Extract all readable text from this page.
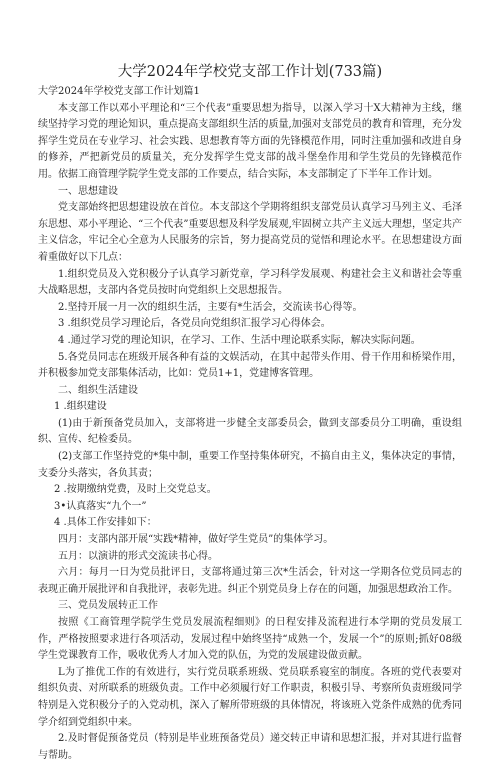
大学2024年学校党支部工作计划(733篇)

大学2024年学校党支部工作计划篇1

本支部工作以邓小平理论和“三个代表”重要思想为指导，以深入学习十X大精神为主线，继续坚持学习党的理论知识，重点提高支部组织生活的质量,加强对支部党员的教育和管理，充分发挥学生党员在专业学习、社会实践、思想教育等方面的先锋模范作用，同时注重加强和改进自身的修养，严把新党员的质量关，充分发挥学生党支部的战斗堡垒作用和学生党员的先锋模范作用。依据工商管理学院学生党支部的工作要点，结合实际，本支部制定了下半年工作计划。

一、思想建设

党支部始终把思想建设放在首位。本支部这个学期将组织支部党员认真学习马列主义、毛泽东思想、邓小平理论、“三个代表”重要思想及科学发展观,牢固树立共产主义远大理想，坚定共产主义信念，牢记全心全意为人民服务的宗旨，努力提高党员的觉悟和理论水平。在思想建设方面着重做好以下几点：

1.组织党员及入党积极分子认真学习新党章，学习科学发展观、构建社会主义和谐社会等重大战略思想，支部内各党员按时向党组织上交思想报告。

2.坚持开展一月一次的组织生活，主要有*生活会，交流读书心得等。

3 .组织党员学习理论后，各党员向党组织汇报学习心得体会。

4 .通过学习党的理论知识，在学习、工作、生活中理论联系实际，解决实际问题。

5.各党员同志在班级开展各种有益的文娱活动，在其中起带头作用、骨干作用和桥梁作用，并积极参加党支部集体活动，比如：党员1+1，党建博客管理。

二、组织生活建设

1 .组织建设

(1)由于新预备党员加入，支部将进一步健全支部委员会，做到支部委员分工明确，重设组织、宣传、纪检委员。

(2)支部工作坚持党的*集中制，重要工作坚持集体研究，不搞自由主义，集体决定的事情，支委分头落实，各负其责；

2 .按期缴纳党费，及时上交党总支。

3•认真落实“九个一”

4 .具体工作安排如下：

四月：支部内部开展“实践*精神，做好学生党员”的集体学习。

五月：以演讲的形式交流读书心得。

六月：每月一日为党员批评日，支部将通过第三次*生活会，针对这一学期各位党员同志的表现正确开展批评和自我批评，表彰先进。纠正个别党员身上存在的问题，加强思想政治工作。

三、党员发展转正工作

按照《工商管理学院学生党员发展流程细则》的日程安排及流程进行本学期的党员发展工作，严格按照要求进行各项活动，发展过程中始终坚持“成熟一个，发展一个”的原则;抓好08级学生党课教育工作，吸收优秀人才加入党的队伍，为党的发展建设做贡献。

L为了推优工作的有效进行，实行党员联系班级、党员联系寝室的制度。各班的党代表要对组织负责、对所联系的班级负责。工作中必须履行好工作职责，积极引导、考察所负责班级同学特别是入党积极分子的入党动机，深入了解所带班级的具体情况，将该班入党条件成熟的优秀同学介绍到党组织中来。

2.及时督促预备党员（特别是毕业班预备党员）递交转正申请和思想汇报，并对其进行监督与帮助。
